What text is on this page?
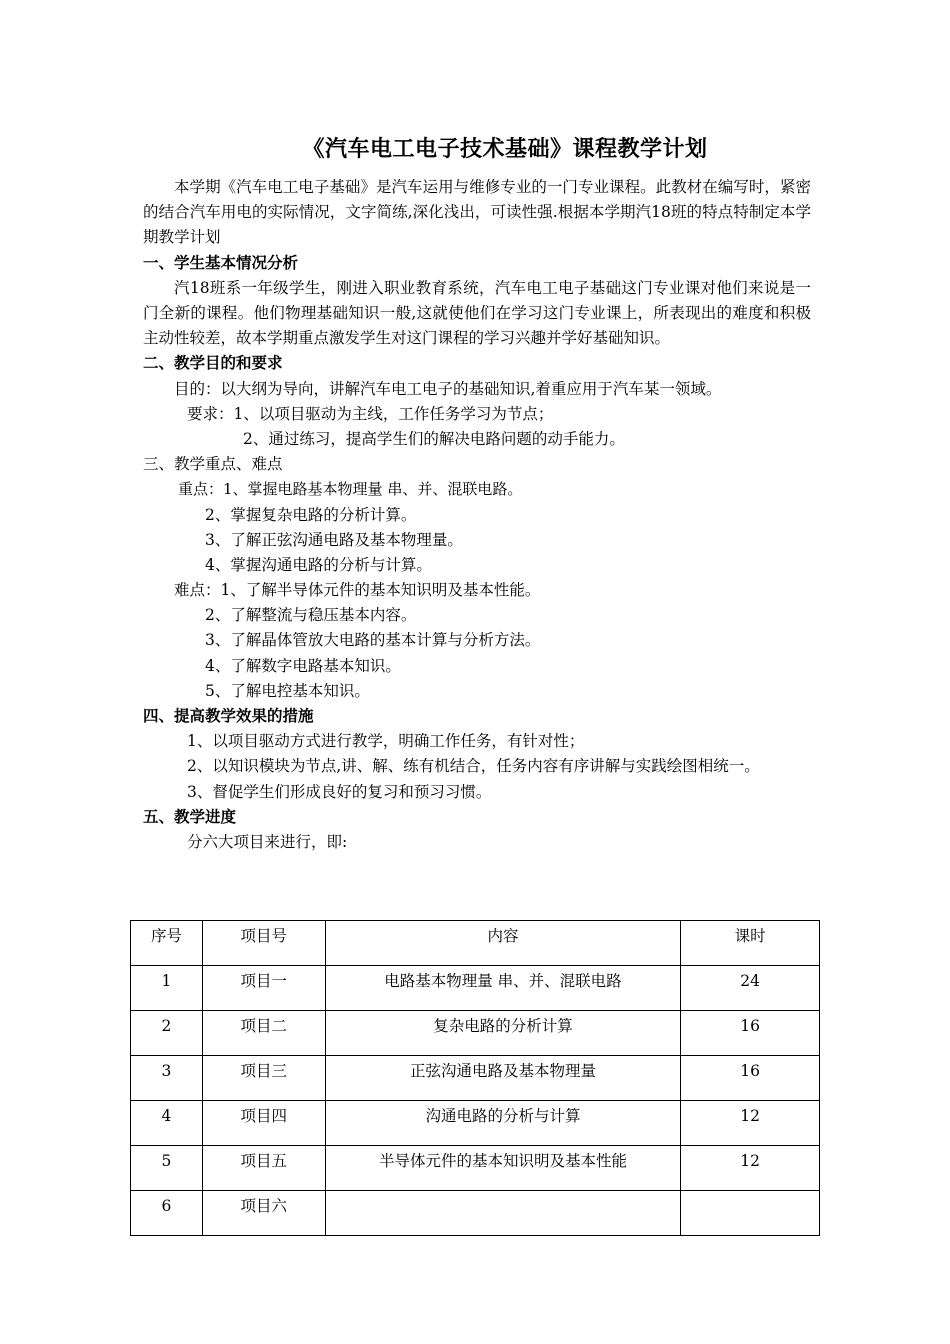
《汽车电工电子技术基础》课程教学计划
本学期《汽车电工电子基础》是汽车运用与维修专业的一门专业课程。此教材在编写时，紧密的结合汽车用电的实际情况，文字简练,深化浅出，可读性强.根据本学期汽18班的特点特制定本学期教学计划
一、学生基本情况分析
汽18班系一年级学生，刚进入职业教育系统，汽车电工电子基础这门专业课对他们来说是一门全新的课程。他们物理基础知识一般,这就使他们在学习这门专业课上，所表现出的难度和积极主动性较差，故本学期重点激发学生对这门课程的学习兴趣并学好基础知识。
二、教学目的和要求
目的：以大纲为导向，讲解汽车电工电子的基础知识,着重应用于汽车某一领域。
要求：1、以项目驱动为主线，工作任务学习为节点；
2、通过练习，提高学生们的解决电路问题的动手能力。
三、教学重点、难点
重点：1、掌握电路基本物理量 串、并、混联电路。
2、掌握复杂电路的分析计算。
3、了解正弦沟通电路及基本物理量。
4、掌握沟通电路的分析与计算。
难点：1、了解半导体元件的基本知识明及基本性能。
2、了解整流与稳压基本内容。
3、了解晶体管放大电路的基本计算与分析方法。
4、了解数字电路基本知识。
5、了解电控基本知识。
四、提高教学效果的措施
1、以项目驱动方式进行教学，明确工作任务，有针对性；
2、以知识模块为节点,讲、解、练有机结合，任务内容有序讲解与实践绘图相统一。
3、督促学生们形成良好的复习和预习习惯。
五、教学进度
分六大项目来进行，即:
序号	项目号	内容	课时
1	项目一	电路基本物理量 串、并、混联电路	24
2	项目二	复杂电路的分析计算	16
3	项目三	正弦沟通电路及基本物理量	16
4	项目四	沟通电路的分析与计算	12
5	项目五	半导体元件的基本知识明及基本性能	12
6	项目六		
